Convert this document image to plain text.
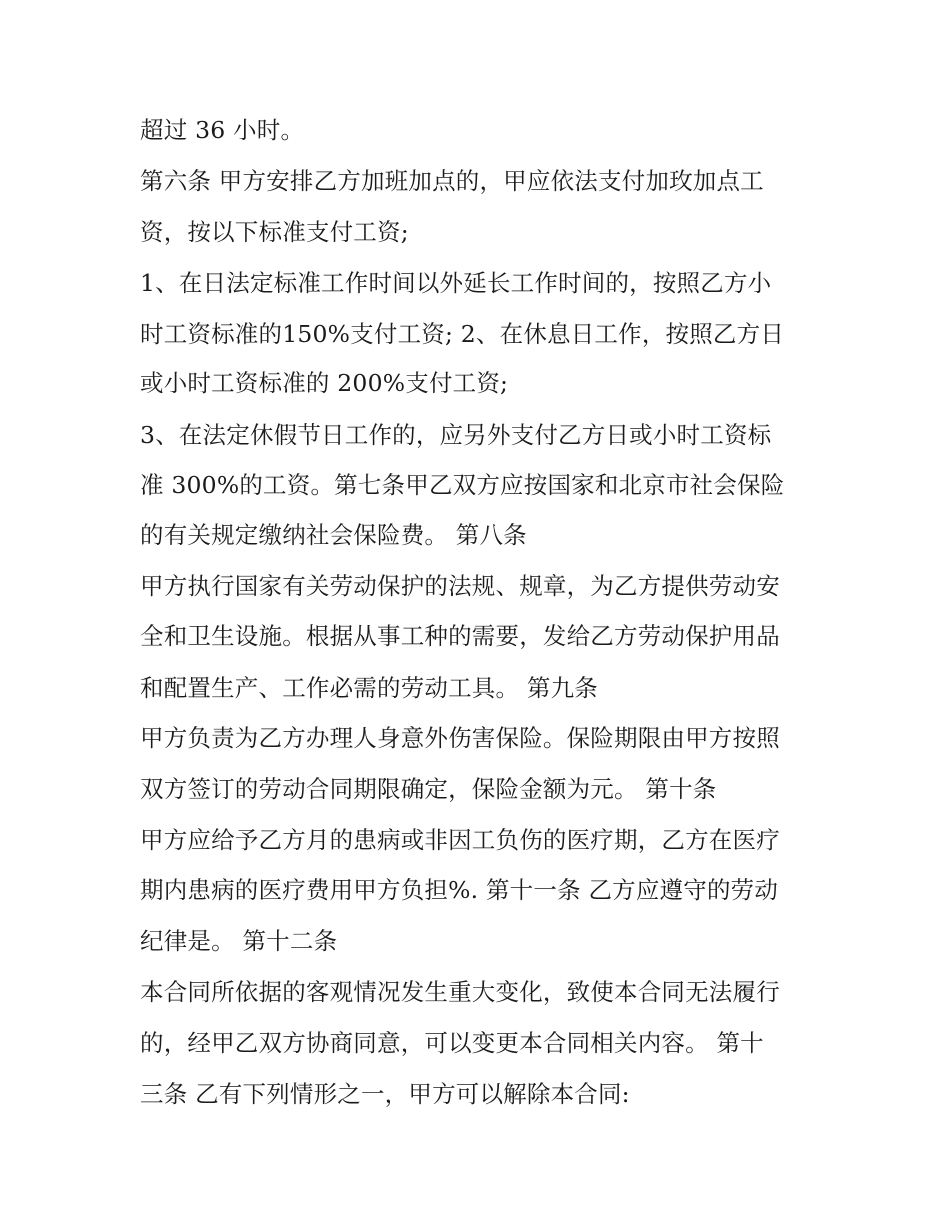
超过 36 小时。
第六条 甲方安排乙方加班加点的，甲应依法支付加玫加点工
资，按以下标准支付工资;
1、在日法定标准工作时间以外延长工作时间的，按照乙方小
时工资标准的150%支付工资; 2、在休息日工作，按照乙方日
或小时工资标准的 200%支付工资;
3、在法定休假节日工作的，应另外支付乙方日或小时工资标
准 300%的工资。第七条甲乙双方应按国家和北京市社会保险
的有关规定缴纳社会保险费。 第八条
甲方执行国家有关劳动保护的法规、规章，为乙方提供劳动安
全和卫生设施。根据从事工种的需要，发给乙方劳动保护用品
和配置生产、工作必需的劳动工具。 第九条
甲方负责为乙方办理人身意外伤害保险。保险期限由甲方按照
双方签订的劳动合同期限确定，保险金额为元。 第十条
甲方应给予乙方月的患病或非因工负伤的医疗期，乙方在医疗
期内患病的医疗费用甲方负担%. 第十一条 乙方应遵守的劳动
纪律是。 第十二条
本合同所依据的客观情况发生重大变化，致使本合同无法履行
的，经甲乙双方协商同意，可以变更本合同相关内容。 第十
三条 乙有下列情形之一，甲方可以解除本合同:
